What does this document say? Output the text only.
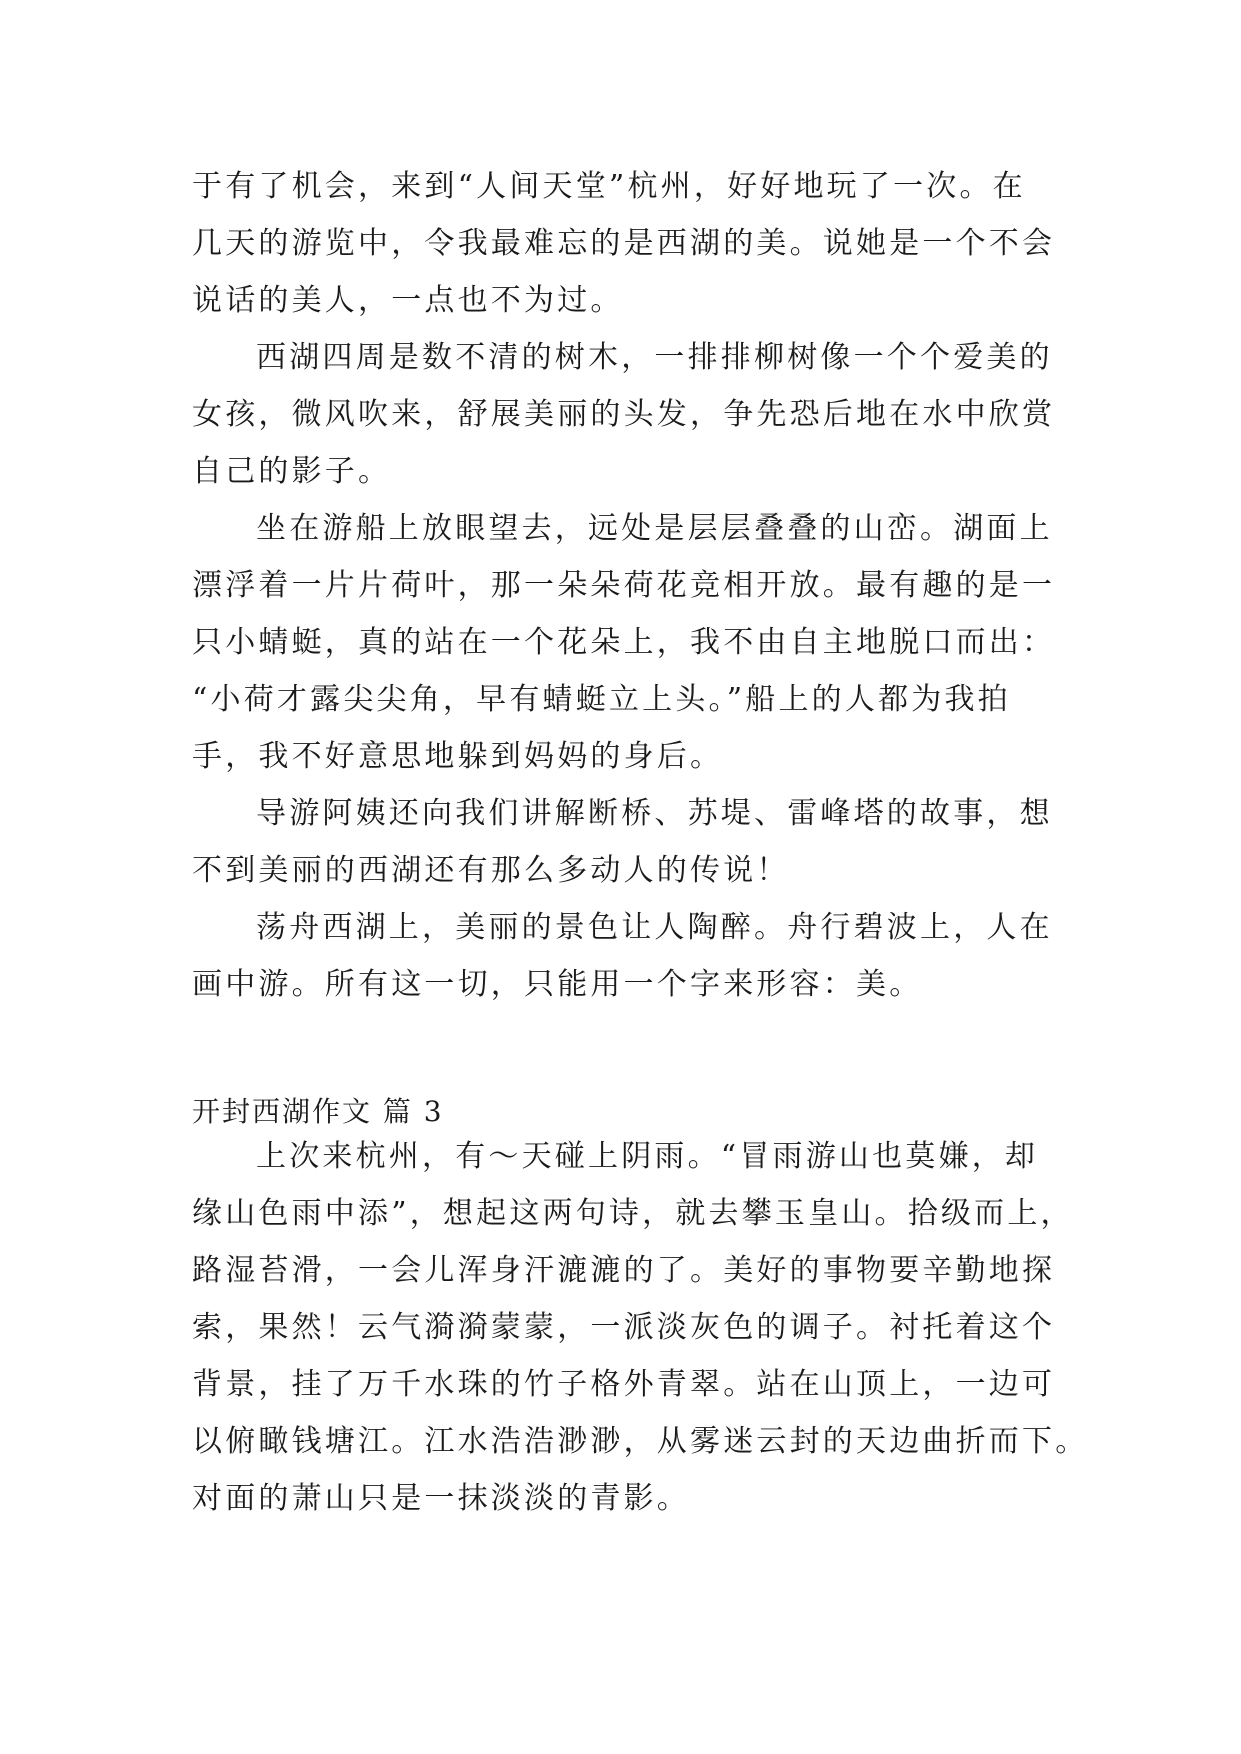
于有了机会，来到“人间天堂”杭州，好好地玩了一次。在
几天的游览中，令我最难忘的是西湖的美。说她是一个不会
说话的美人，一点也不为过。
西湖四周是数不清的树木，一排排柳树像一个个爱美的
女孩，微风吹来，舒展美丽的头发，争先恐后地在水中欣赏
自己的影子。
坐在游船上放眼望去，远处是层层叠叠的山峦。湖面上
漂浮着一片片荷叶，那一朵朵荷花竞相开放。最有趣的是一
只小蜻蜓，真的站在一个花朵上，我不由自主地脱口而出：
“小荷才露尖尖角，早有蜻蜓立上头。”船上的人都为我拍
手，我不好意思地躲到妈妈的身后。
导游阿姨还向我们讲解断桥、苏堤、雷峰塔的故事，想
不到美丽的西湖还有那么多动人的传说！
荡舟西湖上，美丽的景色让人陶醉。舟行碧波上，人在
画中游。所有这一切，只能用一个字来形容：美。
开封西湖作文 篇 3
上次来杭州，有～天碰上阴雨。“冒雨游山也莫嫌，却
缘山色雨中添”，想起这两句诗，就去攀玉皇山。拾级而上，
路湿苔滑，一会儿浑身汗漉漉的了。美好的事物要辛勤地探
索，果然！云气漪漪蒙蒙，一派淡灰色的调子。衬托着这个
背景，挂了万千水珠的竹子格外青翠。站在山顶上，一边可
以俯瞰钱塘江。江水浩浩渺渺，从雾迷云封的天边曲折而下。
对面的萧山只是一抹淡淡的青影。
